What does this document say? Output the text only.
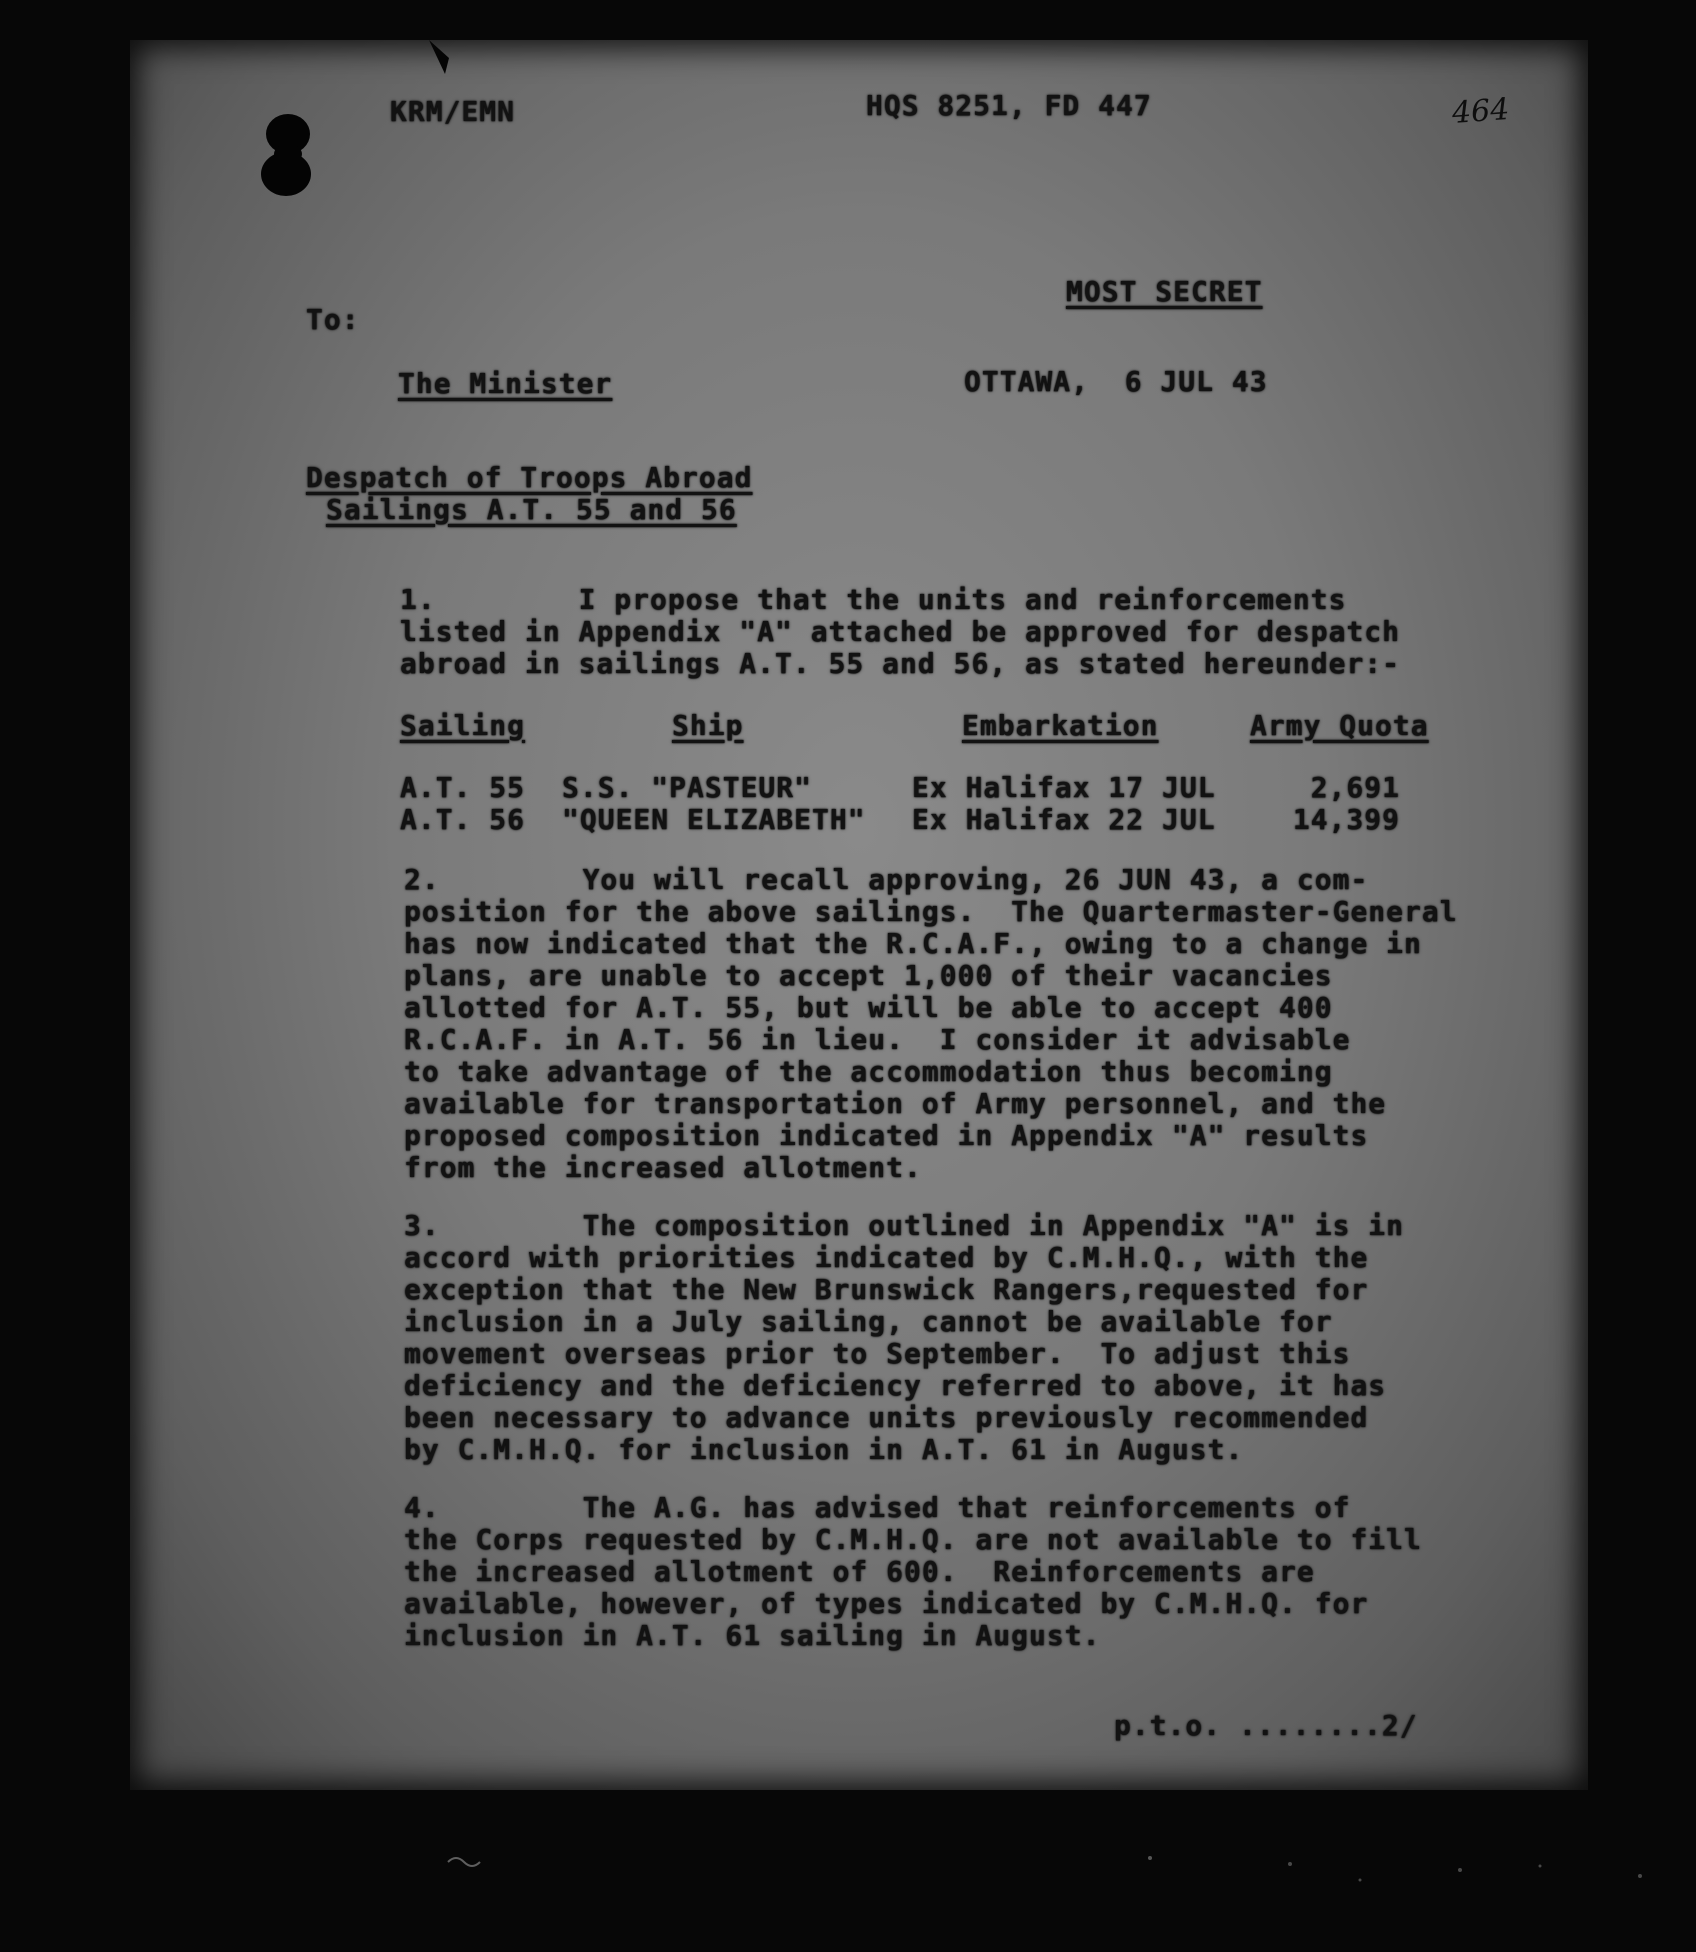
KRM/EMN	HQS 8251, FD 447	464
MOST SECRET
To:
The Minister	OTTAWA,  6 JUL 43
Despatch of Troops Abroad
Sailings A.T. 55 and 56
1.        I propose that the units and reinforcements
listed in Appendix "A" attached be approved for despatch
abroad in sailings A.T. 55 and 56, as stated hereunder:-
Sailing	Ship	Embarkation	Army Quota
A.T. 55 S.S. "PASTEUR"	Ex Halifax 17 JUL	2,691
A.T. 56 "QUEEN ELIZABETH" Ex Halifax 22 JUL	14,399
2.        You will recall approving, 26 JUN 43, a com-
position for the above sailings.  The Quartermaster-General
has now indicated that the R.C.A.F., owing to a change in
plans, are unable to accept 1,000 of their vacancies
allotted for A.T. 55, but will be able to accept 400
R.C.A.F. in A.T. 56 in lieu.  I consider it advisable
to take advantage of the accommodation thus becoming
available for transportation of Army personnel, and the
proposed composition indicated in Appendix "A" results
from the increased allotment.
3.        The composition outlined in Appendix "A" is in
accord with priorities indicated by C.M.H.Q., with the
exception that the New Brunswick Rangers,requested for
inclusion in a July sailing, cannot be available for
movement overseas prior to September.  To adjust this
deficiency and the deficiency referred to above, it has
been necessary to advance units previously recommended
by C.M.H.Q. for inclusion in A.T. 61 in August.
4.        The A.G. has advised that reinforcements of
the Corps requested by C.M.H.Q. are not available to fill
the increased allotment of 600.  Reinforcements are
available, however, of types indicated by C.M.H.Q. for
inclusion in A.T. 61 sailing in August.
p.t.o. ........2/
